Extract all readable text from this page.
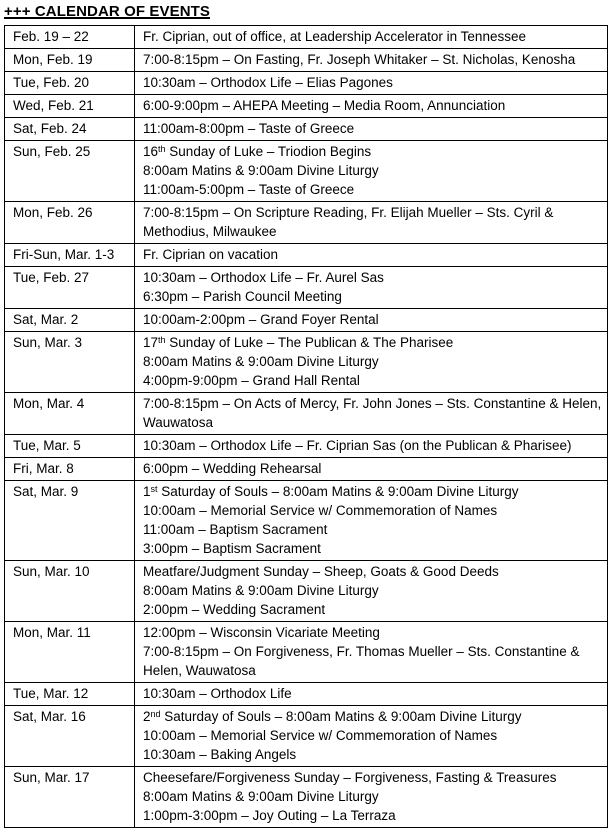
+++ CALENDAR OF EVENTS
Feb. 19 – 22	Fr. Ciprian, out of office, at Leadership Accelerator in Tennessee

Mon, Feb. 19	7:00-8:15pm – On Fasting, Fr. Joseph Whitaker – St. Nicholas, Kenosha

Tue, Feb. 20	10:30am – Orthodox Life – Elias Pagones

Wed, Feb. 21	6:00-9:00pm – AHEPA Meeting – Media Room, Annunciation

Sat, Feb. 24	11:00am-8:00pm – Taste of Greece

Sun, Feb. 25	16th Sunday of Luke – Triodion Begins
8:00am Matins & 9:00am Divine Liturgy
11:00am-5:00pm – Taste of Greece

Mon, Feb. 26	7:00-8:15pm – On Scripture Reading, Fr. Elijah Mueller – Sts. Cyril & Methodius, Milwaukee

Fri-Sun, Mar. 1-3	Fr. Ciprian on vacation

Tue, Feb. 27	10:30am – Orthodox Life – Fr. Aurel Sas
6:30pm – Parish Council Meeting

Sat, Mar. 2	10:00am-2:00pm – Grand Foyer Rental

Sun, Mar. 3	17th Sunday of Luke – The Publican & The Pharisee
8:00am Matins & 9:00am Divine Liturgy
4:00pm-9:00pm – Grand Hall Rental

Mon, Mar. 4	7:00-8:15pm – On Acts of Mercy, Fr. John Jones – Sts. Constantine & Helen, Wauwatosa

Tue, Mar. 5	10:30am – Orthodox Life – Fr. Ciprian Sas (on the Publican & Pharisee)

Fri, Mar. 8	6:00pm – Wedding Rehearsal

Sat, Mar. 9	1st Saturday of Souls – 8:00am Matins & 9:00am Divine Liturgy
10:00am – Memorial Service w/ Commemoration of Names
11:00am – Baptism Sacrament
3:00pm – Baptism Sacrament

Sun, Mar. 10	Meatfare/Judgment Sunday – Sheep, Goats & Good Deeds
8:00am Matins & 9:00am Divine Liturgy
2:00pm – Wedding Sacrament

Mon, Mar. 11	12:00pm – Wisconsin Vicariate Meeting
7:00-8:15pm – On Forgiveness, Fr. Thomas Mueller – Sts. Constantine & Helen, Wauwatosa

Tue, Mar. 12	10:30am – Orthodox Life

Sat, Mar. 16	2nd Saturday of Souls – 8:00am Matins & 9:00am Divine Liturgy
10:00am – Memorial Service w/ Commemoration of Names
10:30am – Baking Angels

Sun, Mar. 17	Cheesefare/Forgiveness Sunday – Forgiveness, Fasting & Treasures
8:00am Matins & 9:00am Divine Liturgy
1:00pm-3:00pm – Joy Outing – La Terraza
